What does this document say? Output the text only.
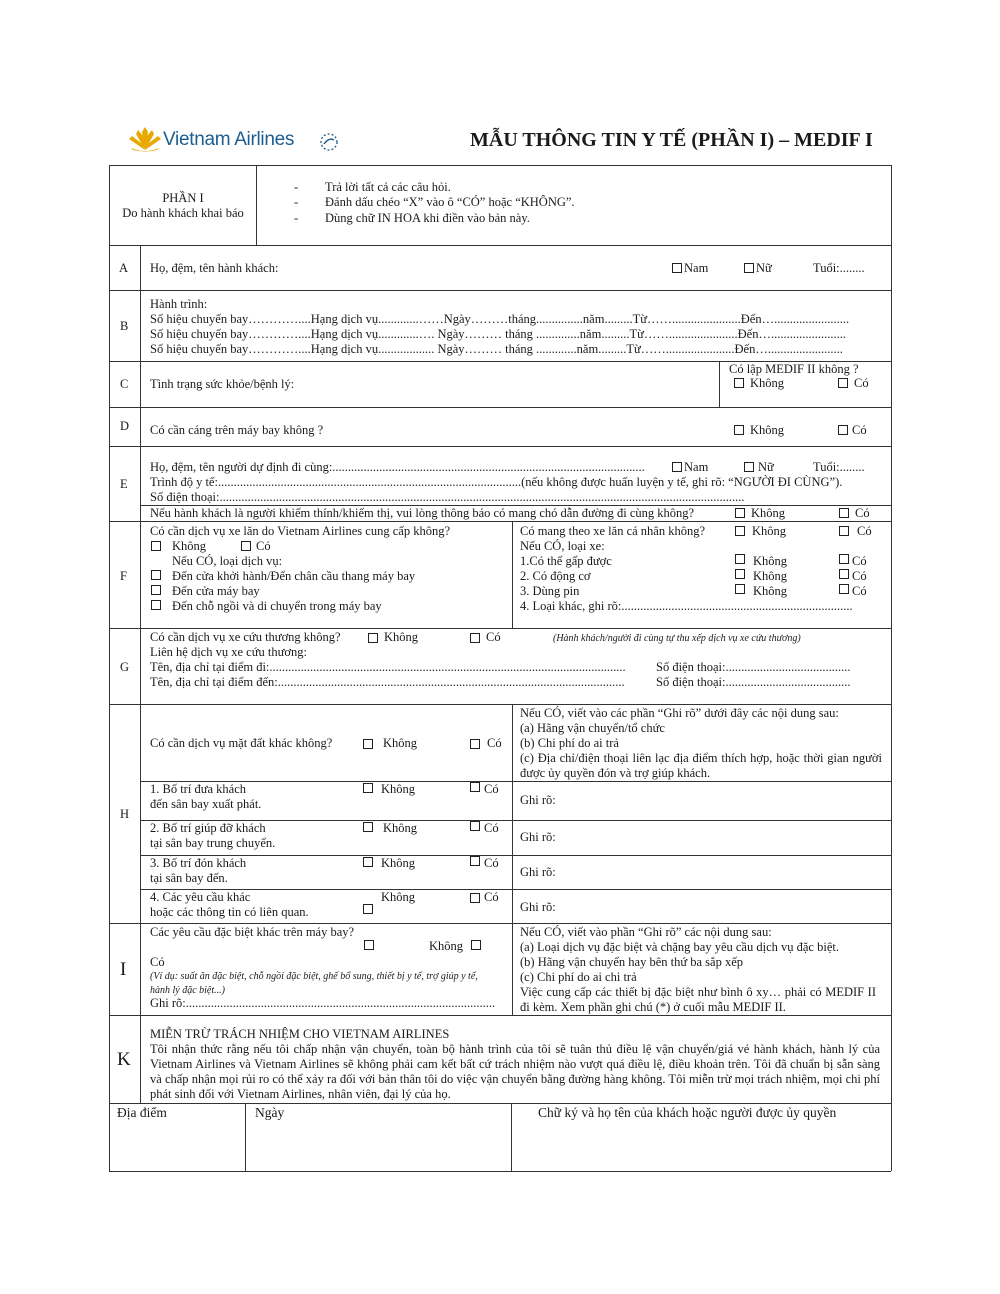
Vietnam Airlines	MẪU THÔNG TIN Y TẾ (PHẦN I) – MEDIF I
PHẦN I
Do hành khách khai báo
-
-
-
Trả lời tất cả các câu hỏi.
Đánh dấu chéo “X” vào ô “CÓ” hoặc “KHÔNG”.
Dùng chữ IN HOA khi điền vào bản này.
A Họ, đệm, tên hành khách:	Nam	Nữ	Tuổi:........
B
Hành trình:
Số hiệu chuyến bay…………....Hạng dịch vụ.............……Ngày………tháng...............năm.........Từ……......................Đến…........................
Số hiệu chuyến bay…………....Hạng dịch vụ.............…. Ngày……… tháng ..............năm.........Từ……......................Đến…........................
Số hiệu chuyến bay…………....Hạng dịch vụ.................. Ngày……… tháng .............năm.........Từ……......................Đến…........................
C Tình trạng sức khỏe/bệnh lý:
Có lập MEDIF II không ?
Không	Có
D Có cần cáng trên máy bay không ?	Không	Có
E
Họ, đệm, tên người dự định đi cùng:....................................................................................................	Nam	Nữ	Tuổi:........
Trình độ y tế:.................................................................................................(nếu không được huấn luyện y tế, ghi rõ: “NGƯỜI ĐI CÙNG”).
Số điện thoại:........................................................................................................................................................................
Nếu hành khách là người khiếm thính/khiếm thị, vui lòng thông báo có mang chó dẫn đường đi cùng không?	Không	Có
F
Có cần dịch vụ xe lăn do Vietnam Airlines cung cấp không?
Không	Có
Nếu CÓ, loại dịch vụ:
Đến cửa khởi hành/Đến chân cầu thang máy bay
Đến cửa máy bay
Đến chỗ ngồi và di chuyển trong máy bay
Có mang theo xe lăn cá nhân không?	Không	Có
Nếu CÓ, loại xe:
1.Có thể gấp được	Không	Có
2. Có động cơ	Không	Có
3. Dùng pin	Không	Có
4. Loại khác, ghi rõ:..........................................................................
G
Có cần dịch vụ xe cứu thương không?	Không	Có	(Hành khách/người đi cùng tự thu xếp dịch vụ xe cứu thương)
Liên hệ dịch vụ xe cứu thương:
Tên, địa chỉ tại điểm đi:..................................................................................................................	Số điện thoại:........................................
Tên, địa chỉ tại điểm đến:...............................................................................................................	Số điện thoại:........................................
H
Có cần dịch vụ mặt đất khác không?	Không	Có
Nếu CÓ, viết vào các phần “Ghi rõ” dưới đây các nội dung sau:
(a) Hãng vận chuyển/tổ chức
(b) Chi phí do ai trả
(c) Địa chỉ/điện thoại liên lạc địa điểm thích hợp, hoặc thời gian người được ủy quyền đón và trợ giúp khách.
1. Bố trí đưa khách
đến sân bay xuất phát.
Không	Có
Ghi rõ:
2. Bố trí giúp đỡ khách
tại sân bay trung chuyển.
Không	Có
Ghi rõ:
3. Bố trí đón khách
tại sân bay đến.
Không	Có
Ghi rõ:
4. Các yêu cầu khác
hoặc các thông tin có liên quan.
Không	Có
Ghi rõ:
I
Các yêu cầu đặc biệt khác trên máy bay?
Không
Có
(Ví dụ: suất ăn đặc biệt, chỗ ngồi đặc biệt, ghế bổ sung, thiết bị y tế, trợ giúp y tế, hành lý đặc biệt...)
Ghi rõ:...................................................................................................
Nếu CÓ, viết vào phần “Ghi rõ” các nội dung sau:
(a) Loại dịch vụ đặc biệt và chặng bay yêu cầu dịch vụ đặc biệt.
(b) Hãng vận chuyển hay bên thứ ba sắp xếp
(c) Chi phí do ai chi trả
Việc cung cấp các thiết bị đặc biệt như bình ô xy… phải có MEDIF II đi kèm. Xem phần ghi chú (*) ở cuối mẫu MEDIF II.
K
MIỄN TRỪ TRÁCH NHIỆM CHO VIETNAM AIRLINES
Tôi nhận thức rằng nếu tôi chấp nhận vận chuyển, toàn bộ hành trình của tôi sẽ tuân thủ điều lệ vận chuyển/giá vé hành khách, hành lý của Vietnam Airlines và Vietnam Airlines sẽ không phải cam kết bất cứ trách nhiệm nào vượt quá điều lệ, điều khoản trên. Tôi đã chuẩn bị sẵn sàng và chấp nhận mọi rủi ro có thể xảy ra đối với bản thân tôi do việc vận chuyển bằng đường hàng không. Tôi miễn trừ mọi trách nhiệm, mọi chi phí phát sinh đối với Vietnam Airlines, nhân viên, đại lý của họ.
Địa điểm	Ngày	Chữ ký và họ tên của khách hoặc người được ủy quyền
